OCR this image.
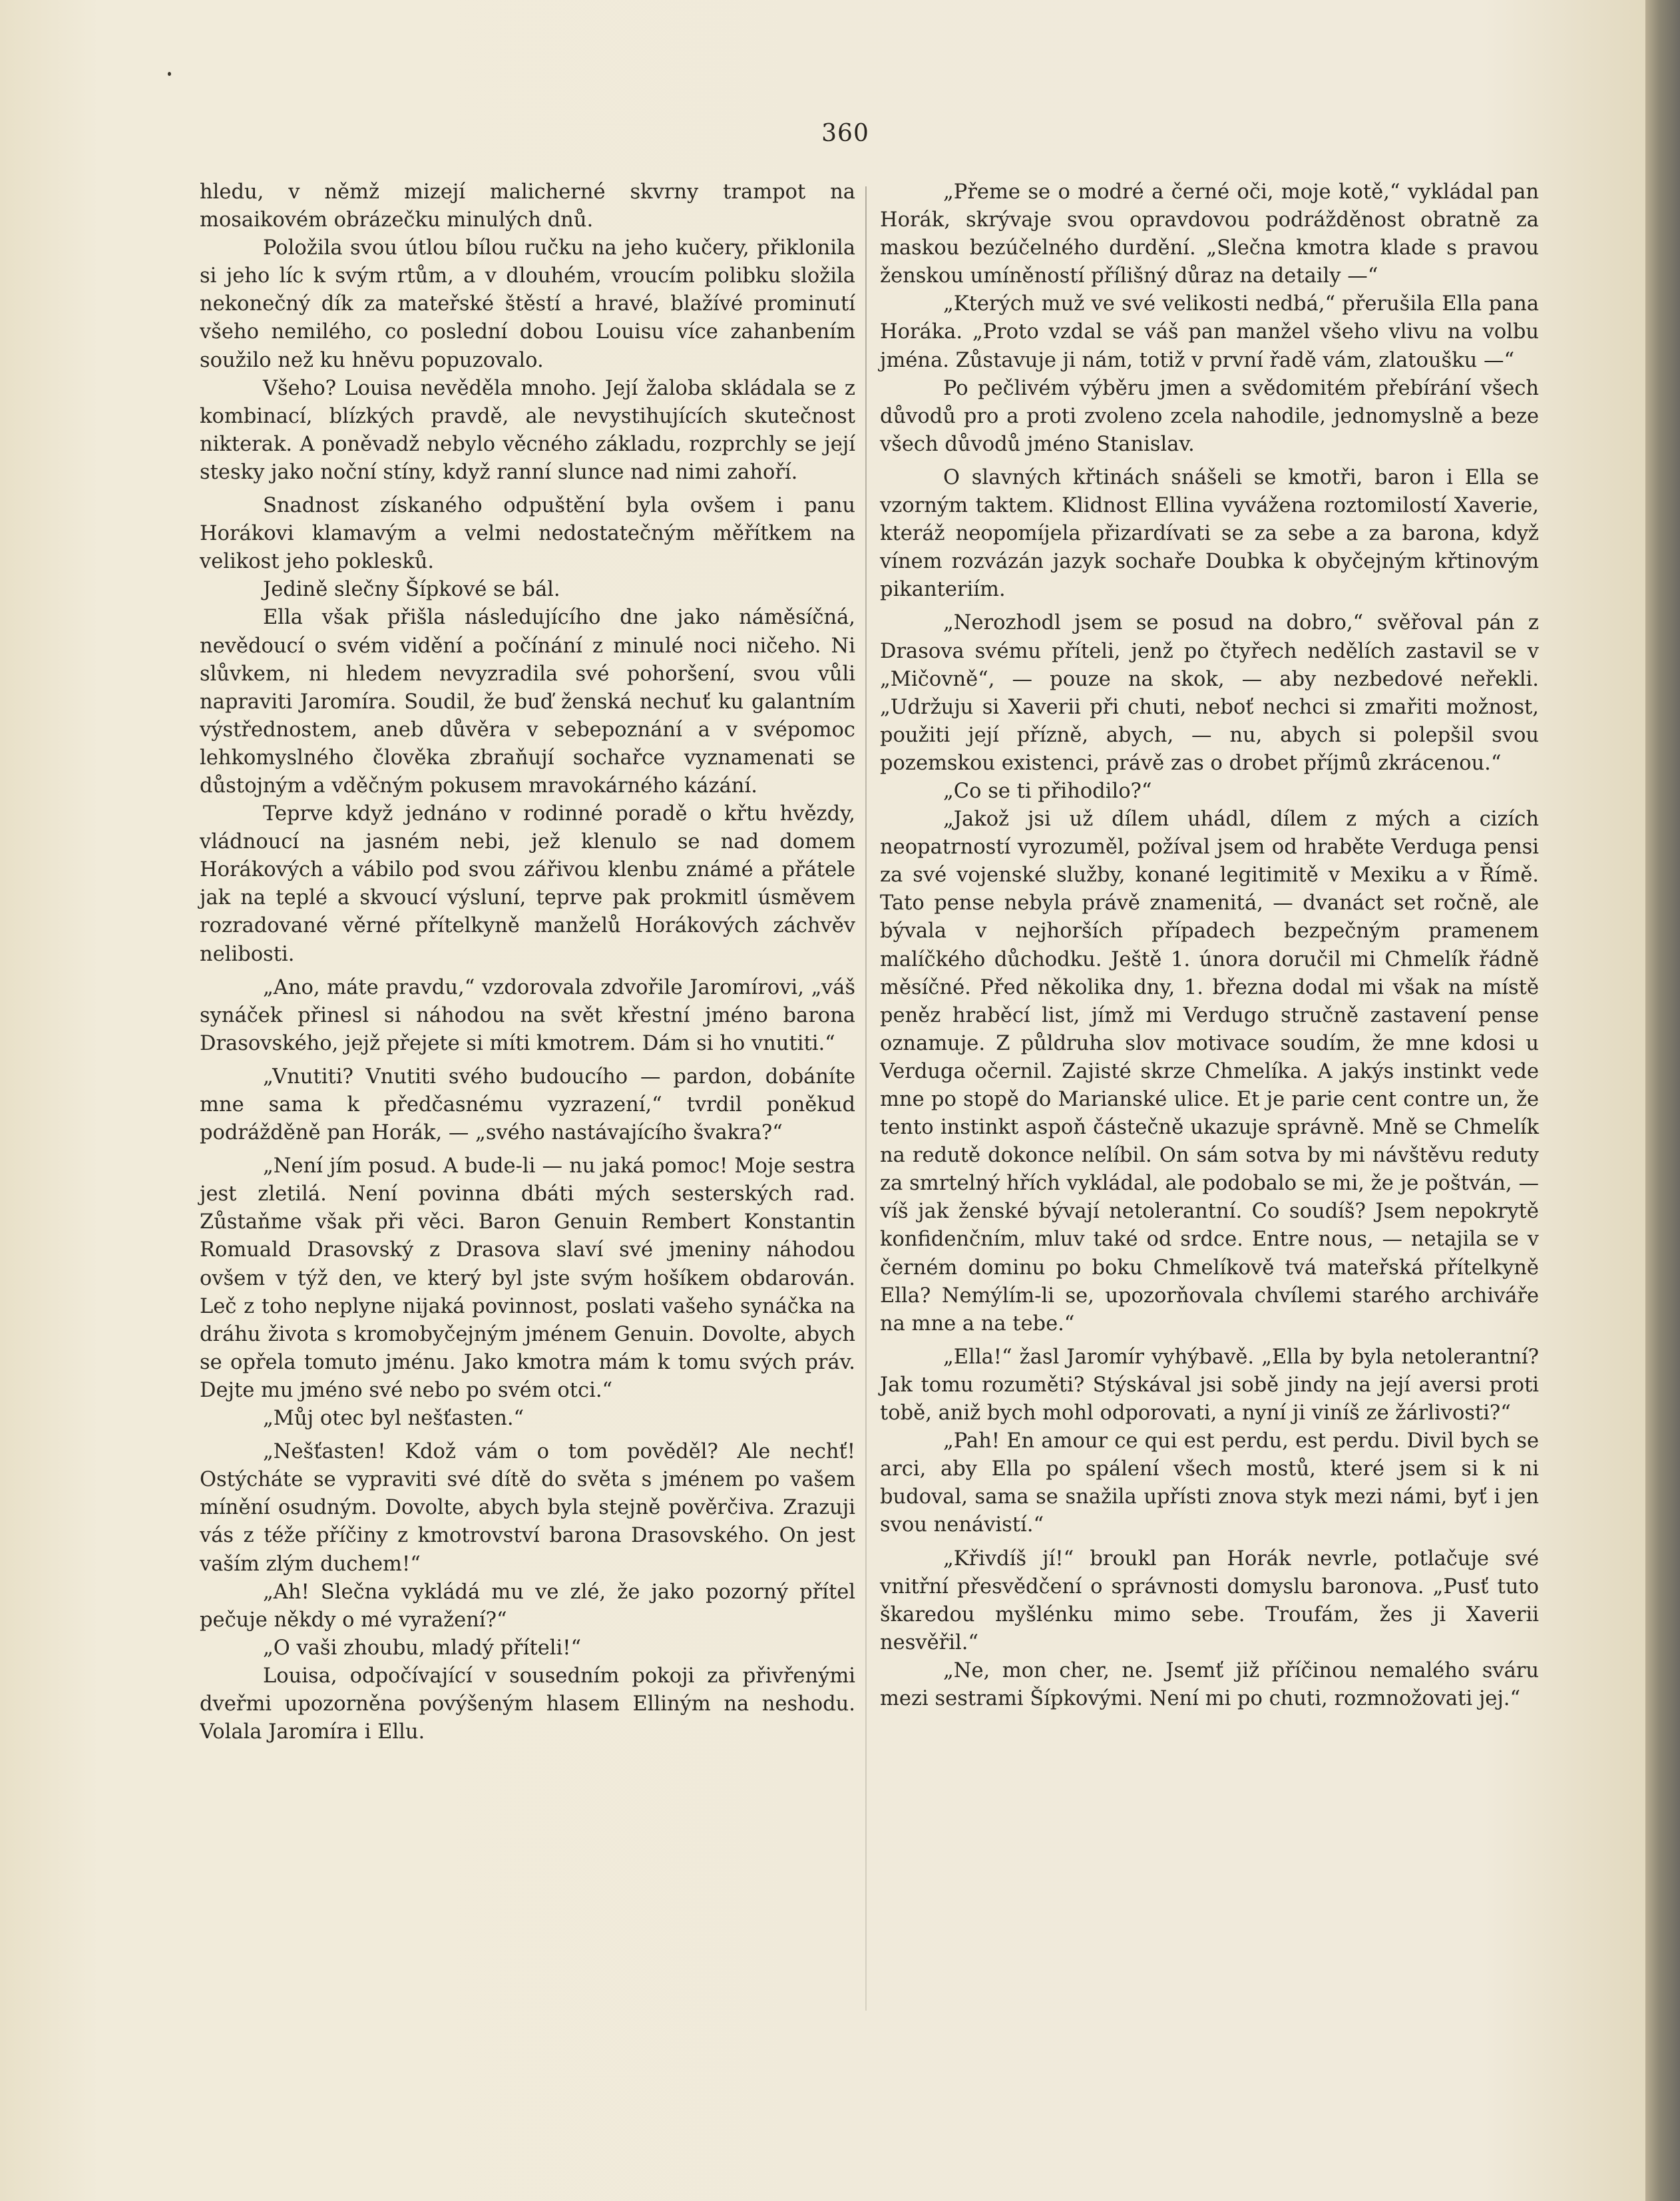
360

hledu, v němž mizejí malicherné skvrny trampot na mosaikovém obrázečku minulých dnů.

Položila svou útlou bílou ručku na jeho kučery, přiklonila si jeho líc k svým rtům, a v dlouhém, vroucím polibku složila nekonečný dík za mateřské štěstí a hravé, blažívé prominutí všeho nemilého, co poslední dobou Louisu více zahanbením soužilo než ku hněvu popuzovalo.

Všeho? Louisa nevěděla mnoho. Její žaloba skládala se z kombinací, blízkých pravdě, ale nevystihujících skutečnost nikterak. A poněvadž nebylo věcného základu, rozprchly se její stesky jako noční stíny, když ranní slunce nad nimi zahoří.

Snadnost získaného odpuštění byla ovšem i panu Horákovi klamavým a velmi nedostatečným měřítkem na velikost jeho poklesků.

Jedině slečny Šípkové se bál.

Ella však přišla následujícího dne jako náměsíčná, nevědoucí o svém vidění a počínání z minulé noci ničeho. Ni slůvkem, ni hledem nevyzradila své pohoršení, svou vůli napraviti Jaromíra. Soudil, že buď ženská nechuť ku galantním výstřednostem, aneb důvěra v sebepoznání a v svépomoc lehkomyslného člověka zbraňují sochařce vyznamenati se důstojným a vděčným pokusem mravokárného kázání.

Teprve když jednáno v rodinné poradě o křtu hvězdy, vládnoucí na jasném nebi, jež klenulo se nad domem Horákových a vábilo pod svou zářivou klenbu známé a přátele jak na teplé a skvoucí výsluní, teprve pak prokmitl úsměvem rozradované věrné přítelkyně manželů Horákových záchvěv nelibosti.

„Ano, máte pravdu,“ vzdorovala zdvořile Jaromírovi, „váš synáček přinesl si náhodou na svět křestní jméno barona Drasovského, jejž přejete si míti kmotrem. Dám si ho vnutiti.“

„Vnutiti? Vnutiti svého budoucího — pardon, dobáníte mne sama k předčasnému vyzrazení,“ tvrdil poněkud podrážděně pan Horák, — „svého nastávajícího švakra?“

„Není jím posud. A bude-li — nu jaká pomoc! Moje sestra jest zletilá. Není povinna dbáti mých sesterských rad. Zůstaňme však při věci. Baron Genuin Rembert Konstantin Romuald Drasovský z Drasova slaví své jmeniny náhodou ovšem v týž den, ve který byl jste svým hošíkem obdarován. Leč z toho neplyne nijaká povinnost, poslati vašeho synáčka na dráhu života s kromobyčejným jménem Genuin. Dovolte, abych se opřela tomuto jménu. Jako kmotra mám k tomu svých práv. Dejte mu jméno své nebo po svém otci.“

„Můj otec byl nešťasten.“

„Nešťasten! Kdož vám o tom pověděl? Ale nechť! Ostýcháte se vypraviti své dítě do světa s jménem po vašem mínění osudným. Dovolte, abych byla stejně pověrčiva. Zrazuji vás z téže příčiny z kmotrovství barona Drasovského. On jest vaším zlým duchem!“

„Ah! Slečna vykládá mu ve zlé, že jako pozorný přítel pečuje někdy o mé vyražení?“

„O vaši zhoubu, mladý příteli!“

Louisa, odpočívající v sousedním pokoji za přivřenými dveřmi upozorněna povýšeným hlasem Elliným na neshodu. Volala Jaromíra i Ellu.

„Přeme se o modré a černé oči, moje kotě,“ vykládal pan Horák, skrývaje svou opravdovou podrážděnost obratně za maskou bezúčelného durdění. „Slečna kmotra klade s pravou ženskou umíněností přílišný důraz na detaily —“

„Kterých muž ve své velikosti nedbá,“ přerušila Ella pana Horáka. „Proto vzdal se váš pan manžel všeho vlivu na volbu jména. Zůstavuje ji nám, totiž v první řadě vám, zlatoušku —“

Po pečlivém výběru jmen a svědomitém přebírání všech důvodů pro a proti zvoleno zcela nahodile, jednomyslně a beze všech důvodů jméno Stanislav.

O slavných křtinách snášeli se kmotři, baron i Ella se vzorným taktem. Klidnost Ellina vyvážena roztomilostí Xaverie, kteráž neopomíjela přizardívati se za sebe a za barona, když vínem rozvázán jazyk sochaře Doubka k obyčejným křtinovým pikanteriím.

„Nerozhodl jsem se posud na dobro,“ svěřoval pán z Drasova svému příteli, jenž po čtyřech nedělích zastavil se v „Mičovně“, — pouze na skok, — aby nezbedové neřekli. „Udržuju si Xaverii při chuti, neboť nechci si zmařiti možnost, použiti její přízně, abych, — nu, abych si polepšil svou pozemskou existenci, právě zas o drobet příjmů zkrácenou.“

„Co se ti přihodilo?“

„Jakož jsi už dílem uhádl, dílem z mých a cizích neopatrností vyrozuměl, požíval jsem od hraběte Verduga pensi za své vojenské služby, konané legitimitě v Mexiku a v Římě. Tato pense nebyla právě znamenitá, — dvanáct set ročně, ale bývala v nejhorších případech bezpečným pramenem malíčkého důchodku. Ještě 1. února doručil mi Chmelík řádně měsíčné. Před několika dny, 1. března dodal mi však na místě peněz hraběcí list, jímž mi Verdugo stručně zastavení pense oznamuje. Z půldruha slov motivace soudím, že mne kdosi u Verduga očernil. Zajisté skrze Chmelíka. A jakýs instinkt vede mne po stopě do Marianské ulice. Et je parie cent contre un, že tento instinkt aspoň částečně ukazuje správně. Mně se Chmelík na redutě dokonce nelíbil. On sám sotva by mi návštěvu reduty za smrtelný hřích vykládal, ale podobalo se mi, že je poštván, — víš jak ženské bývají netolerantní. Co soudíš? Jsem nepokrytě konfidenčním, mluv také od srdce. Entre nous, — netajila se v černém dominu po boku Chmelíkově tvá mateřská přítelkyně Ella? Nemýlím-li se, upozorňovala chvílemi starého archiváře na mne a na tebe.“

„Ella!“ žasl Jaromír vyhýbavě. „Ella by byla netolerantní? Jak tomu rozuměti? Stýskával jsi sobě jindy na její aversi proti tobě, aniž bych mohl odporovati, a nyní ji viníš ze žárlivosti?“

„Pah! En amour ce qui est perdu, est perdu. Divil bych se arci, aby Ella po spálení všech mostů, které jsem si k ni budoval, sama se snažila upřísti znova styk mezi námi, byť i jen svou nenávistí.“

„Křivdíš jí!“ broukl pan Horák nevrle, potlačuje své vnitřní přesvědčení o správnosti domyslu baronova. „Pusť tuto škaredou myšlénku mimo sebe. Troufám, žes ji Xaverii nesvěřil.“

„Ne, mon cher, ne. Jsemť již příčinou nemalého sváru mezi sestrami Šípkovými. Není mi po chuti, rozmnožovati jej.“
